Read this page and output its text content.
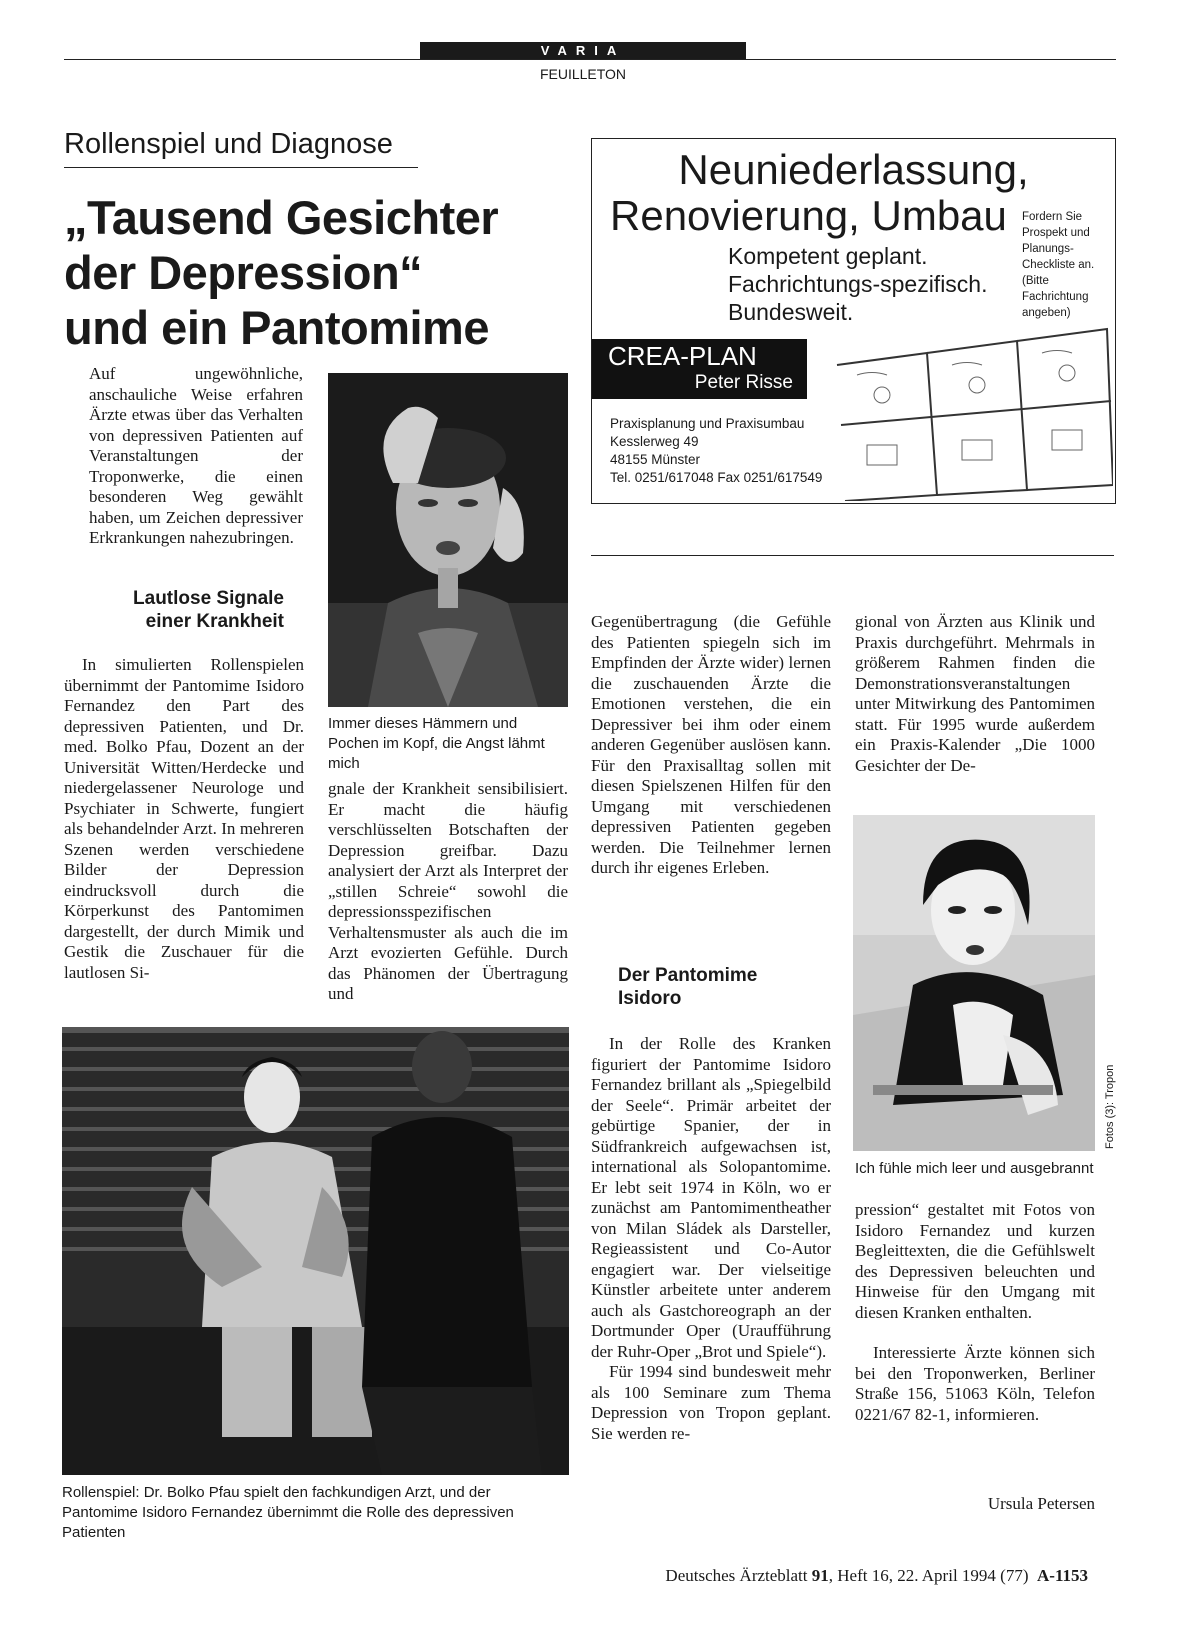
VARIA
FEUILLETON
Rollenspiel und Diagnose
„Tausend Gesichter
der Depression“
und ein Pantomime

Auf ungewöhnliche, anschauliche Weise erfahren Ärzte etwas über das Verhalten von depressiven Patienten auf Veranstaltungen der Troponwerke, die einen besonderen Weg gewählt haben, um Zeichen depressiver Erkrankungen nahezubringen.

Immer dieses Hämmern und Pochen im Kopf, die Angst lähmt mich
Lautlose Signale
einer Krankheit

In simulierten Rollenspielen übernimmt der Pantomime Isidoro Fernandez den Part des depressiven Patienten, und Dr. med. Bolko Pfau, Dozent an der Universität Witten/Herdecke und niedergelassener Neurologe und Psychiater in Schwerte, fungiert als behandelnder Arzt. In mehreren Szenen werden verschiedene Bilder der Depression eindrucksvoll durch die Körperkunst des Pantomimen dargestellt, der durch Mimik und Gestik die Zuschauer für die lautlosen Si-

gnale der Krankheit sensibilisiert. Er macht die häufig verschlüsselten Botschaften der Depression greifbar. Dazu analysiert der Arzt als Interpret der „stillen Schreie“ sowohl die depressionsspezifischen Verhaltensmuster als auch die im Arzt evozierten Gefühle. Durch das Phänomen der Übertragung und

Rollenspiel: Dr. Bolko Pfau spielt den fachkundigen Arzt, und der Pantomime Isidoro Fernandez übernimmt die Rolle des depressiven Patienten
Neuniederlassung,
Renovierung, Umbau
Kompetent geplant.
Fachrichtungs-spezifisch.
Bundesweit.
Fordern Sie Prospekt und Planungs-Checkliste an. (Bitte Fachrichtung angeben)
CREA-PLAN
Peter Risse
Praxisplanung und Praxisumbau
Kesslerweg 49
48155 Münster
Tel. 0251/617048 Fax 0251/617549

Gegenübertragung (die Gefühle des Patienten spiegeln sich im Empfinden der Ärzte wider) lernen die zuschauenden Ärzte die Emotionen verstehen, die ein Depressiver bei ihm oder einem anderen Gegenüber auslösen kann. Für den Praxisalltag sollen mit diesen Spielszenen Hilfen für den Umgang mit verschiedenen depressiven Patienten gegeben werden. Die Teilnehmer lernen durch ihr eigenes Erleben.

Der Pantomime
Isidoro

In der Rolle des Kranken figuriert der Pantomime Isidoro Fernandez brillant als „Spiegelbild der Seele“. Primär arbeitet der gebürtige Spanier, der in Südfrankreich aufgewachsen ist, international als Solopantomime. Er lebt seit 1974 in Köln, wo er zunächst am Pantomimentheather von Milan Sládek als Darsteller, Regieassistent und Co-Autor engagiert war. Der vielseitige Künstler arbeitete unter anderem auch als Gastchoreograph an der Dortmunder Oper (Uraufführung der Ruhr-Oper „Brot und Spiele“).

Für 1994 sind bundesweit mehr als 100 Seminare zum Thema Depression von Tropon geplant. Sie werden re-

gional von Ärzten aus Klinik und Praxis durchgeführt. Mehrmals in größerem Rahmen finden die Demonstrationsveranstaltungen unter Mitwirkung des Pantomimen statt. Für 1995 wurde außerdem ein Praxis-Kalender „Die 1000 Gesichter der De-

Fotos (3): Tropon
Ich fühle mich leer und ausgebrannt

pression“ gestaltet mit Fotos von Isidoro Fernandez und kurzen Begleittexten, die die Gefühlswelt des Depressiven beleuchten und Hinweise für den Umgang mit diesen Kranken enthalten.

Interessierte Ärzte können sich bei den Troponwerken, Berliner Straße 156, 51063 Köln, Telefon 0221/67 82-1, informieren.

Ursula Petersen
Deutsches Ärzteblatt 91, Heft 16, 22. April 1994 (77) A-1153
